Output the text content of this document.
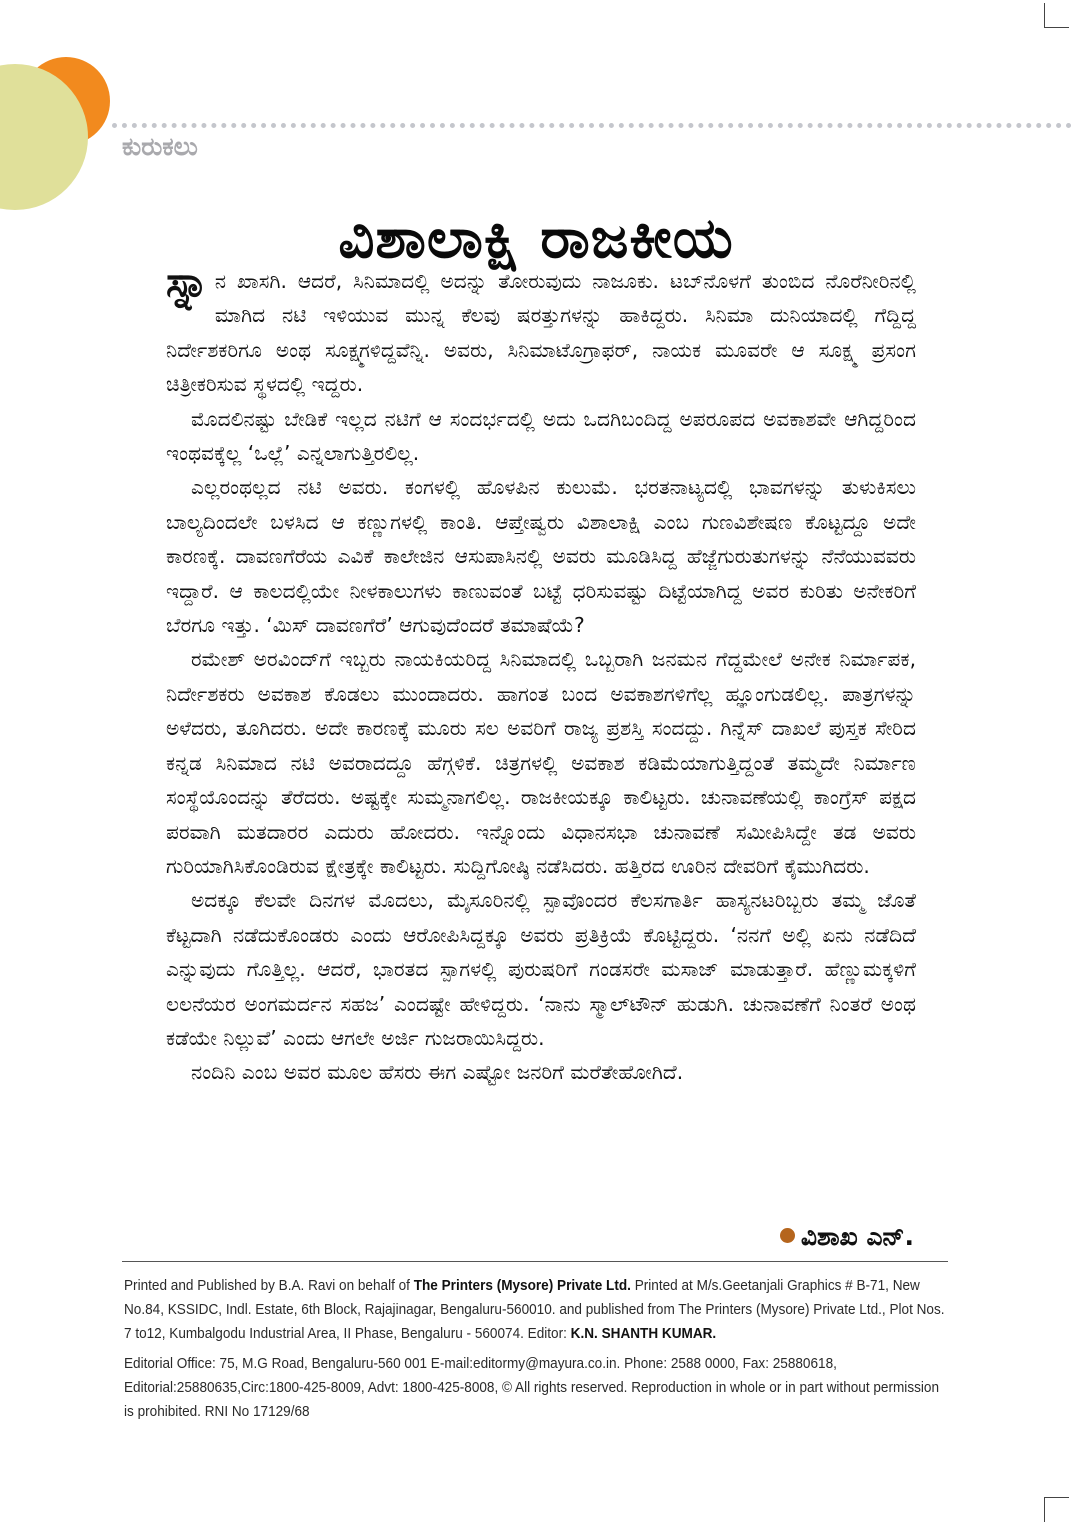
ಕುರುಕಲು
ವಿಶಾಲಾಕ್ಷಿ ರಾಜಕೀಯ

ಸ್ನಾ ನ ಖಾಸಗಿ. ಆದರೆ, ಸಿನಿಮಾದಲ್ಲಿ ಅದನ್ನು ತೋರುವುದು ನಾಜೂಕು. ಟಬ್‌ನೊಳಗೆ ತುಂಬಿದ ನೊರೆನೀರಿನಲ್ಲಿ ಮಾಗಿದ ನಟಿ ಇಳಿಯುವ ಮುನ್ನ ಕೆಲವು ಷರತ್ತುಗಳನ್ನು ಹಾಕಿದ್ದರು. ಸಿನಿಮಾ ದುನಿಯಾದಲ್ಲಿ ಗೆದ್ದಿದ್ದ ನಿರ್ದೇಶಕರಿಗೂ ಅಂಥ ಸೂಕ್ಷ್ಮಗಳಿದ್ದವೆನ್ನಿ. ಅವರು, ಸಿನಿಮಾಟೊಗ್ರಾಫರ್, ನಾಯಕ ಮೂವರೇ ಆ ಸೂಕ್ಷ್ಮ ಪ್ರಸಂಗ ಚಿತ್ರೀಕರಿಸುವ ಸ್ಥಳದಲ್ಲಿ ಇದ್ದರು.

ಮೊದಲಿನಷ್ಟು ಬೇಡಿಕೆ ಇಲ್ಲದ ನಟಿಗೆ ಆ ಸಂದರ್ಭದಲ್ಲಿ ಅದು ಒದಗಿಬಂದಿದ್ದ ಅಪರೂಪದ ಅವಕಾಶವೇ ಆಗಿದ್ದರಿಂದ ಇಂಥವಕ್ಕೆಲ್ಲ ‘ಒಲ್ಲೆ’ ಎನ್ನಲಾಗುತ್ತಿರಲಿಲ್ಲ.

ಎಲ್ಲರಂಥಲ್ಲದ ನಟಿ ಅವರು. ಕಂಗಳಲ್ಲಿ ಹೊಳಪಿನ ಕುಲುಮೆ. ಭರತನಾಟ್ಯದಲ್ಲಿ ಭಾವಗಳನ್ನು ತುಳುಕಿಸಲು ಬಾಲ್ಯದಿಂದಲೇ ಬಳಸಿದ ಆ ಕಣ್ಣುಗಳಲ್ಲಿ ಕಾಂತಿ. ಆಪ್ತೇಷ್ವರು ವಿಶಾಲಾಕ್ಷಿ ಎಂಬ ಗುಣವಿಶೇಷಣ ಕೊಟ್ಟದ್ದೂ ಅದೇ ಕಾರಣಕ್ಕೆ. ದಾವಣಗೆರೆಯ ಎವಿಕೆ ಕಾಲೇಜಿನ ಆಸುಪಾಸಿನಲ್ಲಿ ಅವರು ಮೂಡಿಸಿದ್ದ ಹೆಜ್ಜೆಗುರುತುಗಳನ್ನು ನೆನೆಯುವವರು ಇದ್ದಾರೆ. ಆ ಕಾಲದಲ್ಲಿಯೇ ನೀಳಕಾಲುಗಳು ಕಾಣುವಂತೆ ಬಟ್ಟೆ ಧರಿಸುವಷ್ಟು ದಿಟ್ಟೆಯಾಗಿದ್ದ ಅವರ ಕುರಿತು ಅನೇಕರಿಗೆ ಬೆರಗೂ ಇತ್ತು. ‘ಮಿಸ್ ದಾವಣಗೆರೆ’ ಆಗುವುದೆಂದರೆ ತಮಾಷೆಯೆ?

ರಮೇಶ್ ಅರವಿಂದ್‌ಗೆ ಇಬ್ಬರು ನಾಯಕಿಯರಿದ್ದ ಸಿನಿಮಾದಲ್ಲಿ ಒಬ್ಬರಾಗಿ ಜನಮನ ಗೆದ್ದಮೇಲೆ ಅನೇಕ ನಿರ್ಮಾಪಕ, ನಿರ್ದೇಶಕರು ಅವಕಾಶ ಕೊಡಲು ಮುಂದಾದರು. ಹಾಗಂತ ಬಂದ ಅವಕಾಶಗಳಿಗೆಲ್ಲ ಹ್ಞೂಂಗುಡಲಿಲ್ಲ. ಪಾತ್ರಗಳನ್ನು ಅಳೆದರು, ತೂಗಿದರು. ಅದೇ ಕಾರಣಕ್ಕೆ ಮೂರು ಸಲ ಅವರಿಗೆ ರಾಜ್ಯ ಪ್ರಶಸ್ತಿ ಸಂದದ್ದು. ಗಿನ್ನೆಸ್ ದಾಖಲೆ ಪುಸ್ತಕ ಸೇರಿದ ಕನ್ನಡ ಸಿನಿಮಾದ ನಟಿ ಅವರಾದದ್ದೂ ಹೆಗ್ಗಳಿಕೆ. ಚಿತ್ರಗಳಲ್ಲಿ ಅವಕಾಶ ಕಡಿಮೆಯಾಗುತ್ತಿದ್ದಂತೆ ತಮ್ಮದೇ ನಿರ್ಮಾಣ ಸಂಸ್ಥೆಯೊಂದನ್ನು ತೆರೆದರು. ಅಷ್ಟಕ್ಕೇ ಸುಮ್ಮನಾಗಲಿಲ್ಲ. ರಾಜಕೀಯಕ್ಕೂ ಕಾಲಿಟ್ಟರು. ಚುನಾವಣೆಯಲ್ಲಿ ಕಾಂಗ್ರೆಸ್ ಪಕ್ಷದ ಪರವಾಗಿ ಮತದಾರರ ಎದುರು ಹೋದರು. ಇನ್ನೊಂದು ವಿಧಾನಸಭಾ ಚುನಾವಣೆ ಸಮೀಪಿಸಿದ್ದೇ ತಡ ಅವರು ಗುರಿಯಾಗಿಸಿಕೊಂಡಿರುವ ಕ್ಷೇತ್ರಕ್ಕೇ ಕಾಲಿಟ್ಟರು. ಸುದ್ದಿಗೋಷ್ಠಿ ನಡೆಸಿದರು. ಹತ್ತಿರದ ಊರಿನ ದೇವರಿಗೆ ಕೈಮುಗಿದರು.

ಅದಕ್ಕೂ ಕೆಲವೇ ದಿನಗಳ ಮೊದಲು, ಮೈಸೂರಿನಲ್ಲಿ ಸ್ಪಾವೊಂದರ ಕೆಲಸಗಾರ್ತಿ ಹಾಸ್ಯನಟರಿಬ್ಬರು ತಮ್ಮ ಜೊತೆ ಕೆಟ್ಟದಾಗಿ ನಡೆದುಕೊಂಡರು ಎಂದು ಆರೋಪಿಸಿದ್ದಕ್ಕೂ ಅವರು ಪ್ರತಿಕ್ರಿಯೆ ಕೊಟ್ಟಿದ್ದರು. ‘ನನಗೆ ಅಲ್ಲಿ ಏನು ನಡೆದಿದೆ ಎನ್ನುವುದು ಗೊತ್ತಿಲ್ಲ. ಆದರೆ, ಭಾರತದ ಸ್ಪಾಗಳಲ್ಲಿ ಪುರುಷರಿಗೆ ಗಂಡಸರೇ ಮಸಾಜ್ ಮಾಡುತ್ತಾರೆ. ಹೆಣ್ಣುಮಕ್ಕಳಿಗೆ ಲಲನೆಯರ ಅಂಗಮರ್ದನ ಸಹಜ’ ಎಂದಷ್ಟೇ ಹೇಳಿದ್ದರು. ‘ನಾನು ಸ್ಮಾಲ್‌ಟೌನ್ ಹುಡುಗಿ. ಚುನಾವಣೆಗೆ ನಿಂತರೆ ಅಂಥ ಕಡೆಯೇ ನಿಲ್ಲುವೆ’ ಎಂದು ಆಗಲೇ ಅರ್ಜಿ ಗುಜರಾಯಿಸಿದ್ದರು.

ನಂದಿನಿ ಎಂಬ ಅವರ ಮೂಲ ಹೆಸರು ಈಗ ಎಷ್ಟೋ ಜನರಿಗೆ ಮರೆತೇಹೋಗಿದೆ.

ವಿಶಾಖ ಎನ್.
Printed and Published by B.A. Ravi on behalf of The Printers (Mysore) Private Ltd. Printed at M/s.Geetanjali Graphics # B-71, New No.84, KSSIDC, Indl. Estate, 6th Block, Rajajinagar, Bengaluru-560010. and published from The Printers (Mysore) Private Ltd., Plot Nos. 7 to12, Kumbalgodu Industrial Area, II Phase, Bengaluru - 560074. Editor: K.N. SHANTH KUMAR.
Editorial Office: 75, M.G Road, Bengaluru-560 001 E-mail:editormy@mayura.co.in. Phone: 2588 0000, Fax: 25880618, Editorial:25880635,Circ:1800-425-8009, Advt: 1800-425-8008, © All rights reserved. Reproduction in whole or in part without permission is prohibited. RNI No 17129/68
